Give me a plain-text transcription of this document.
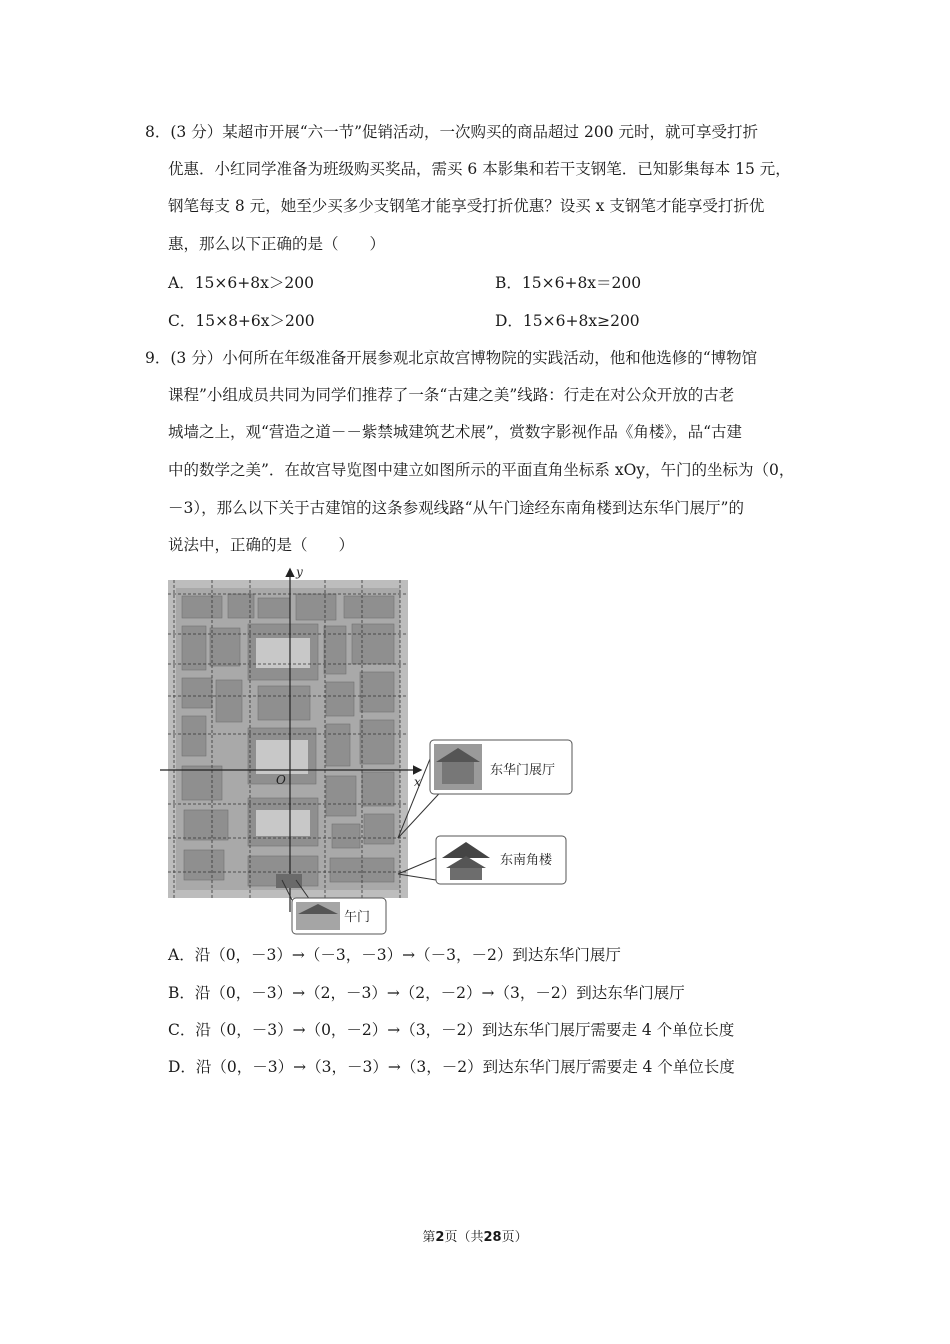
8．(3 分）某超市开展“六一节”促销活动，一次购买的商品超过 200 元时，就可享受打折
优惠．小红同学准备为班级购买奖品，需买 6 本影集和若干支钢笔．已知影集每本 15 元，
钢笔每支 8 元，她至少买多少支钢笔才能享受打折优惠？设买 x 支钢笔才能享受打折优
惠，那么以下正确的是（　　）
A．15×6+8x＞200	B．15×6+8x＝200
C．15×8+6x＞200	D．15×6+8x≥200
9．(3 分）小何所在年级准备开展参观北京故宫博物院的实践活动，他和他选修的“博物馆
课程”小组成员共同为同学们推荐了一条“古建之美”线路：行走在对公众开放的古老
城墙之上，观“营造之道－－紫禁城建筑艺术展”，赏数字影视作品《角楼》，品“古建
中的数学之美”．在故宫导览图中建立如图所示的平面直角坐标系 xOy，午门的坐标为（0，
－3），那么以下关于古建馆的这条参观线路“从午门途经东南角楼到达东华门展厅”的
说法中，正确的是（　　）
y
x
O
东华门展厅
东南角楼
午门
A．沿（0，－3）→（－3，－3）→（－3，－2）到达东华门展厅
B．沿（0，－3）→（2，－3）→（2，－2）→（3，－2）到达东华门展厅
C．沿（0，－3）→（0，－2）→（3，－2）到达东华门展厅需要走 4 个单位长度
D．沿（0，－3）→（3，－3）→（3，－2）到达东华门展厅需要走 4 个单位长度
第2页（共28页）
